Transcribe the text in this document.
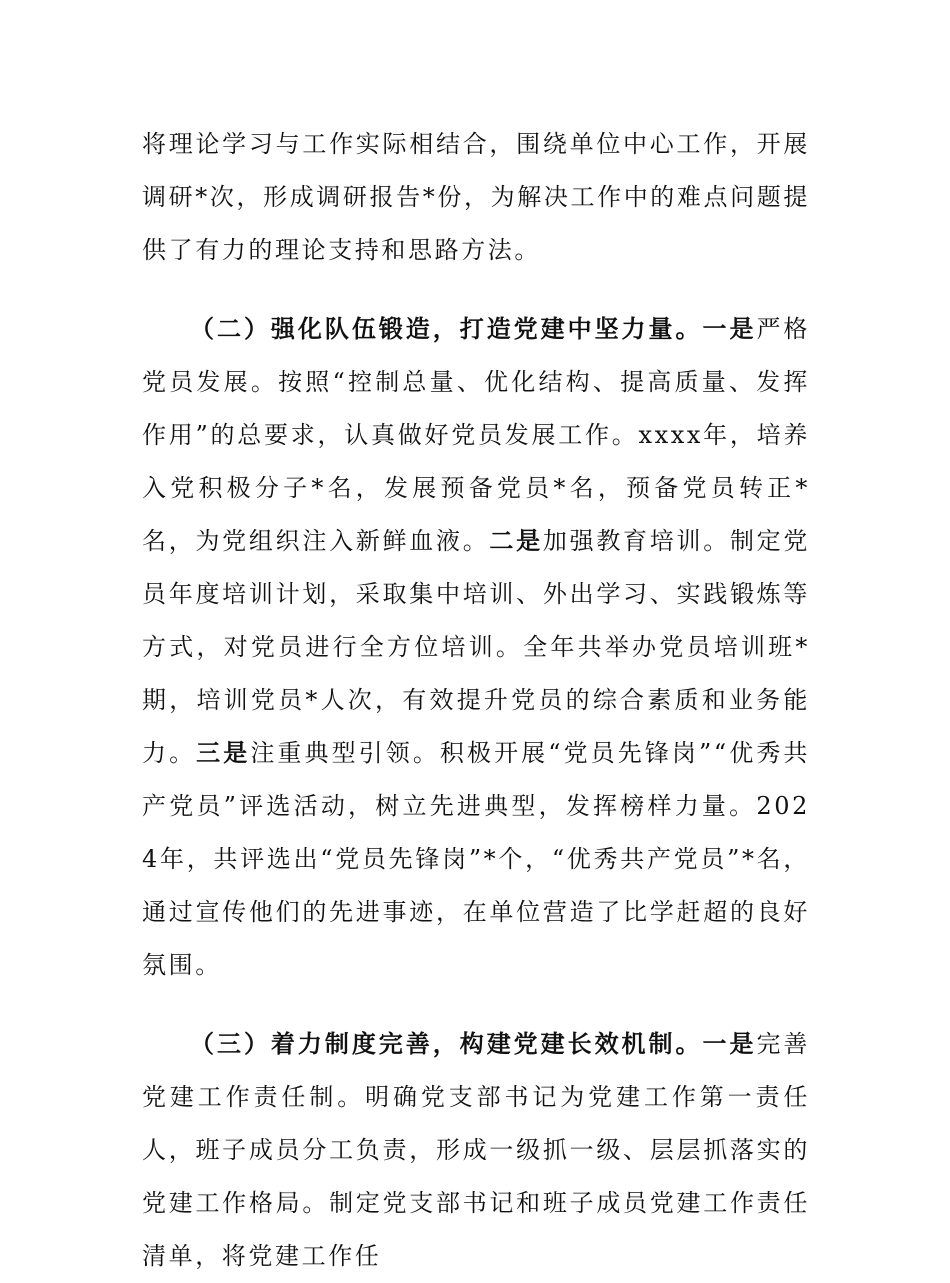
将理论学习与工作实际相结合，围绕单位中心工作，开展调研*次，形成调研报告*份，为解决工作中的难点问题提供了有力的理论支持和思路方法。

（二）强化队伍锻造，打造党建中坚力量。一是严格党员发展。按照“控制总量、优化结构、提高质量、发挥作用”的总要求，认真做好党员发展工作。xxxx年，培养入党积极分子*名，发展预备党员*名，预备党员转正*名，为党组织注入新鲜血液。二是加强教育培训。制定党员年度培训计划，采取集中培训、外出学习、实践锻炼等方式，对党员进行全方位培训。全年共举办党员培训班*期，培训党员*人次，有效提升党员的综合素质和业务能力。三是注重典型引领。积极开展“党员先锋岗”“优秀共产党员”评选活动，树立先进典型，发挥榜样力量。2024年，共评选出“党员先锋岗”*个，“优秀共产党员”*名，通过宣传他们的先进事迹，在单位营造了比学赶超的良好氛围。

（三）着力制度完善，构建党建长效机制。一是完善党建工作责任制。明确党支部书记为党建工作第一责任人，班子成员分工负责，形成一级抓一级、层层抓落实的党建工作格局。制定党支部书记和班子成员党建工作责任清单，将党建工作任
